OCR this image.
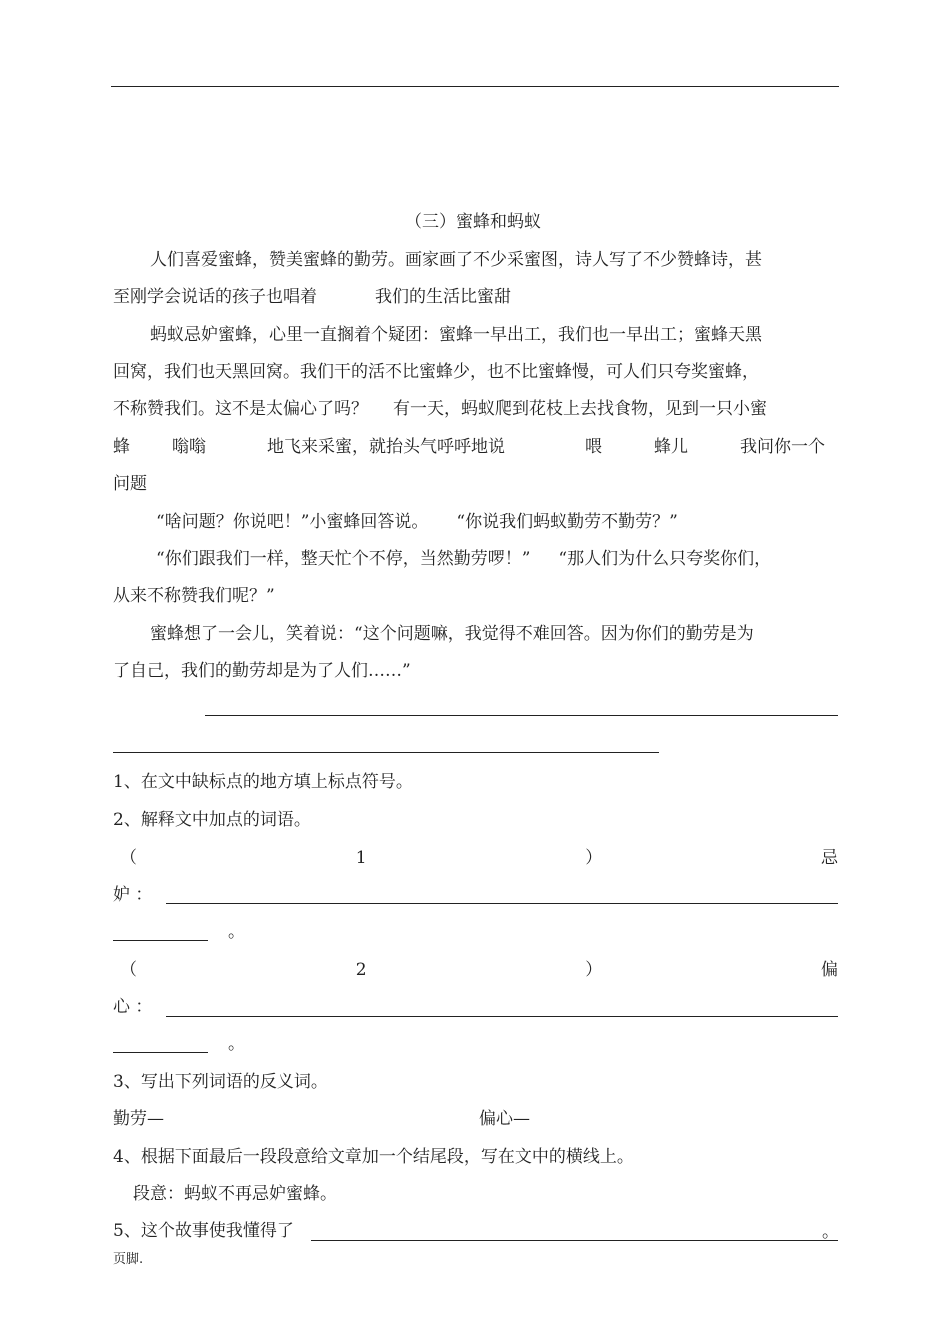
（三）蜜蜂和蚂蚁
人们喜爱蜜蜂，赞美蜜蜂的勤劳。画家画了不少采蜜图，诗人写了不少赞蜂诗，甚
至刚学会说话的孩子也唱着	我们的生活比蜜甜
蚂蚁忌妒蜜蜂，心里一直搁着个疑团：蜜蜂一早出工，我们也一早出工；蜜蜂天黑
回窝，我们也天黑回窝。我们干的活不比蜜蜂少，也不比蜜蜂慢，可人们只夸奖蜜蜂，
不称赞我们。这不是太偏心了吗？ 有一天，蚂蚁爬到花枝上去找食物，见到一只小蜜
蜂 嗡嗡	地飞来采蜜，就抬头气呼呼地说	喂	蜂儿	我问你一个
问题
“啥问题？你说吧！”小蜜蜂回答说。 “你说我们蚂蚁勤劳不勤劳？”
“你们跟我们一样，整天忙个不停，当然勤劳啰！” “那人们为什么只夸奖你们，
从来不称赞我们呢？”
蜜蜂想了一会儿，笑着说：“这个问题嘛，我觉得不难回答。因为你们的勤劳是为
了自己，我们的勤劳却是为了人们……”
1、在文中缺标点的地方填上标点符号。
2、解释文中加点的词语。
（	1	）	忌
妒 ：
。
（	2	）	偏
心 ：
。
3、写出下列词语的反义词。
勤劳—	偏心—
4、根据下面最后一段段意给文章加一个结尾段，写在文中的横线上。
段意：蚂蚁不再忌妒蜜蜂。
5、这个故事使我懂得了	。
页脚.
